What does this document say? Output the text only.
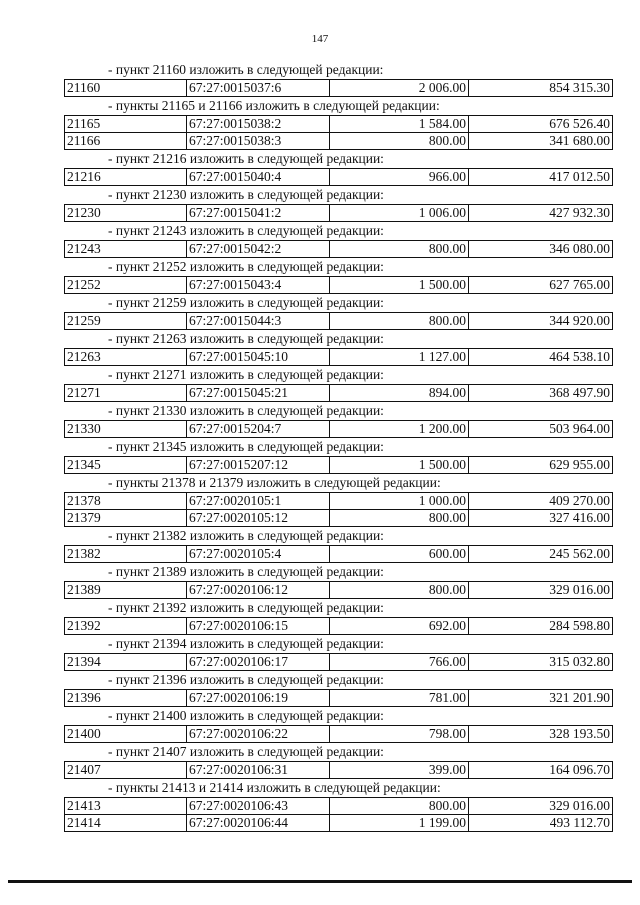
147
- пункт 21160 изложить в следующей редакции:
21160	67:27:0015037:6	2 006.00	854 315.30
- пункты 21165 и 21166 изложить в следующей редакции:
21165	67:27:0015038:2	1 584.00	676 526.40
21166	67:27:0015038:3	800.00	341 680.00
- пункт 21216 изложить в следующей редакции:
21216	67:27:0015040:4	966.00	417 012.50
- пункт 21230 изложить в следующей редакции:
21230	67:27:0015041:2	1 006.00	427 932.30
- пункт 21243 изложить в следующей редакции:
21243	67:27:0015042:2	800.00	346 080.00
- пункт 21252 изложить в следующей редакции:
21252	67:27:0015043:4	1 500.00	627 765.00
- пункт 21259 изложить в следующей редакции:
21259	67:27:0015044:3	800.00	344 920.00
- пункт 21263 изложить в следующей редакции:
21263	67:27:0015045:10	1 127.00	464 538.10
- пункт 21271 изложить в следующей редакции:
21271	67:27:0015045:21	894.00	368 497.90
- пункт 21330 изложить в следующей редакции:
21330	67:27:0015204:7	1 200.00	503 964.00
- пункт 21345 изложить в следующей редакции:
21345	67:27:0015207:12	1 500.00	629 955.00
- пункты 21378 и 21379 изложить в следующей редакции:
21378	67:27:0020105:1	1 000.00	409 270.00
21379	67:27:0020105:12	800.00	327 416.00
- пункт 21382 изложить в следующей редакции:
21382	67:27:0020105:4	600.00	245 562.00
- пункт 21389 изложить в следующей редакции:
21389	67:27:0020106:12	800.00	329 016.00
- пункт 21392 изложить в следующей редакции:
21392	67:27:0020106:15	692.00	284 598.80
- пункт 21394 изложить в следующей редакции:
21394	67:27:0020106:17	766.00	315 032.80
- пункт 21396 изложить в следующей редакции:
21396	67:27:0020106:19	781.00	321 201.90
- пункт 21400 изложить в следующей редакции:
21400	67:27:0020106:22	798.00	328 193.50
- пункт 21407 изложить в следующей редакции:
21407	67:27:0020106:31	399.00	164 096.70
- пункты 21413 и 21414 изложить в следующей редакции:
21413	67:27:0020106:43	800.00	329 016.00
21414	67:27:0020106:44	1 199.00	493 112.70
